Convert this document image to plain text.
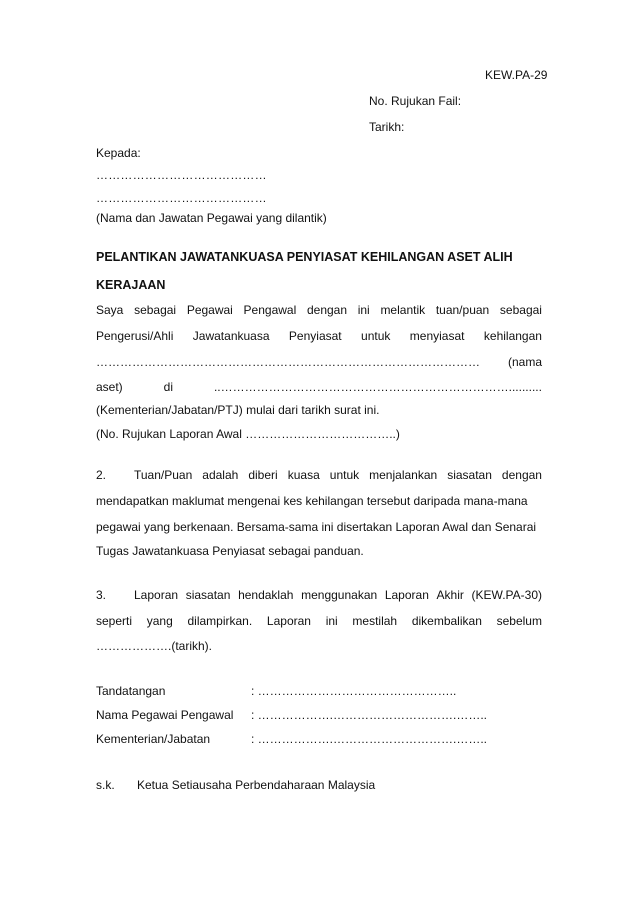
KEW.PA-29
No. Rujukan Fail:
Tarikh:
Kepada:
……………………………………
……………………………………
(Nama dan Jawatan Pegawai yang dilantik)
PELANTIKAN JAWATANKUASA PENYIASAT KEHILANGAN ASET ALIH
KERAJAAN
Saya sebagai Pegawai Pengawal dengan ini melantik tuan/puan sebagai
Pengerusi/Ahli Jawatankuasa Penyiasat untuk menyiasat kehilangan
…………………………………………………………………………………… (nama
aset)	di	..………………………………………………………………..........
(Kementerian/Jabatan/PTJ) mulai dari tarikh surat ini.
(No. Rujukan Laporan Awal ………………………………..)
2.	Tuan/Puan adalah diberi kuasa untuk menjalankan siasatan dengan
mendapatkan maklumat mengenai kes kehilangan tersebut daripada mana-mana
pegawai yang berkenaan. Bersama-sama ini disertakan Laporan Awal dan Senarai
Tugas Jawatankuasa Penyiasat sebagai panduan.
3.	Laporan siasatan hendaklah menggunakan Laporan Akhir (KEW.PA-30)
seperti yang dilampirkan. Laporan ini mestilah dikembalikan sebelum
……………….(tarikh).
Tandatangan	: …………………………………………..
Nama Pegawai Pengawal : ……………….………………………….……..
Kementerian/Jabatan	: ……………….………………………….……..
s.k. Ketua Setiausaha Perbendaharaan Malaysia
